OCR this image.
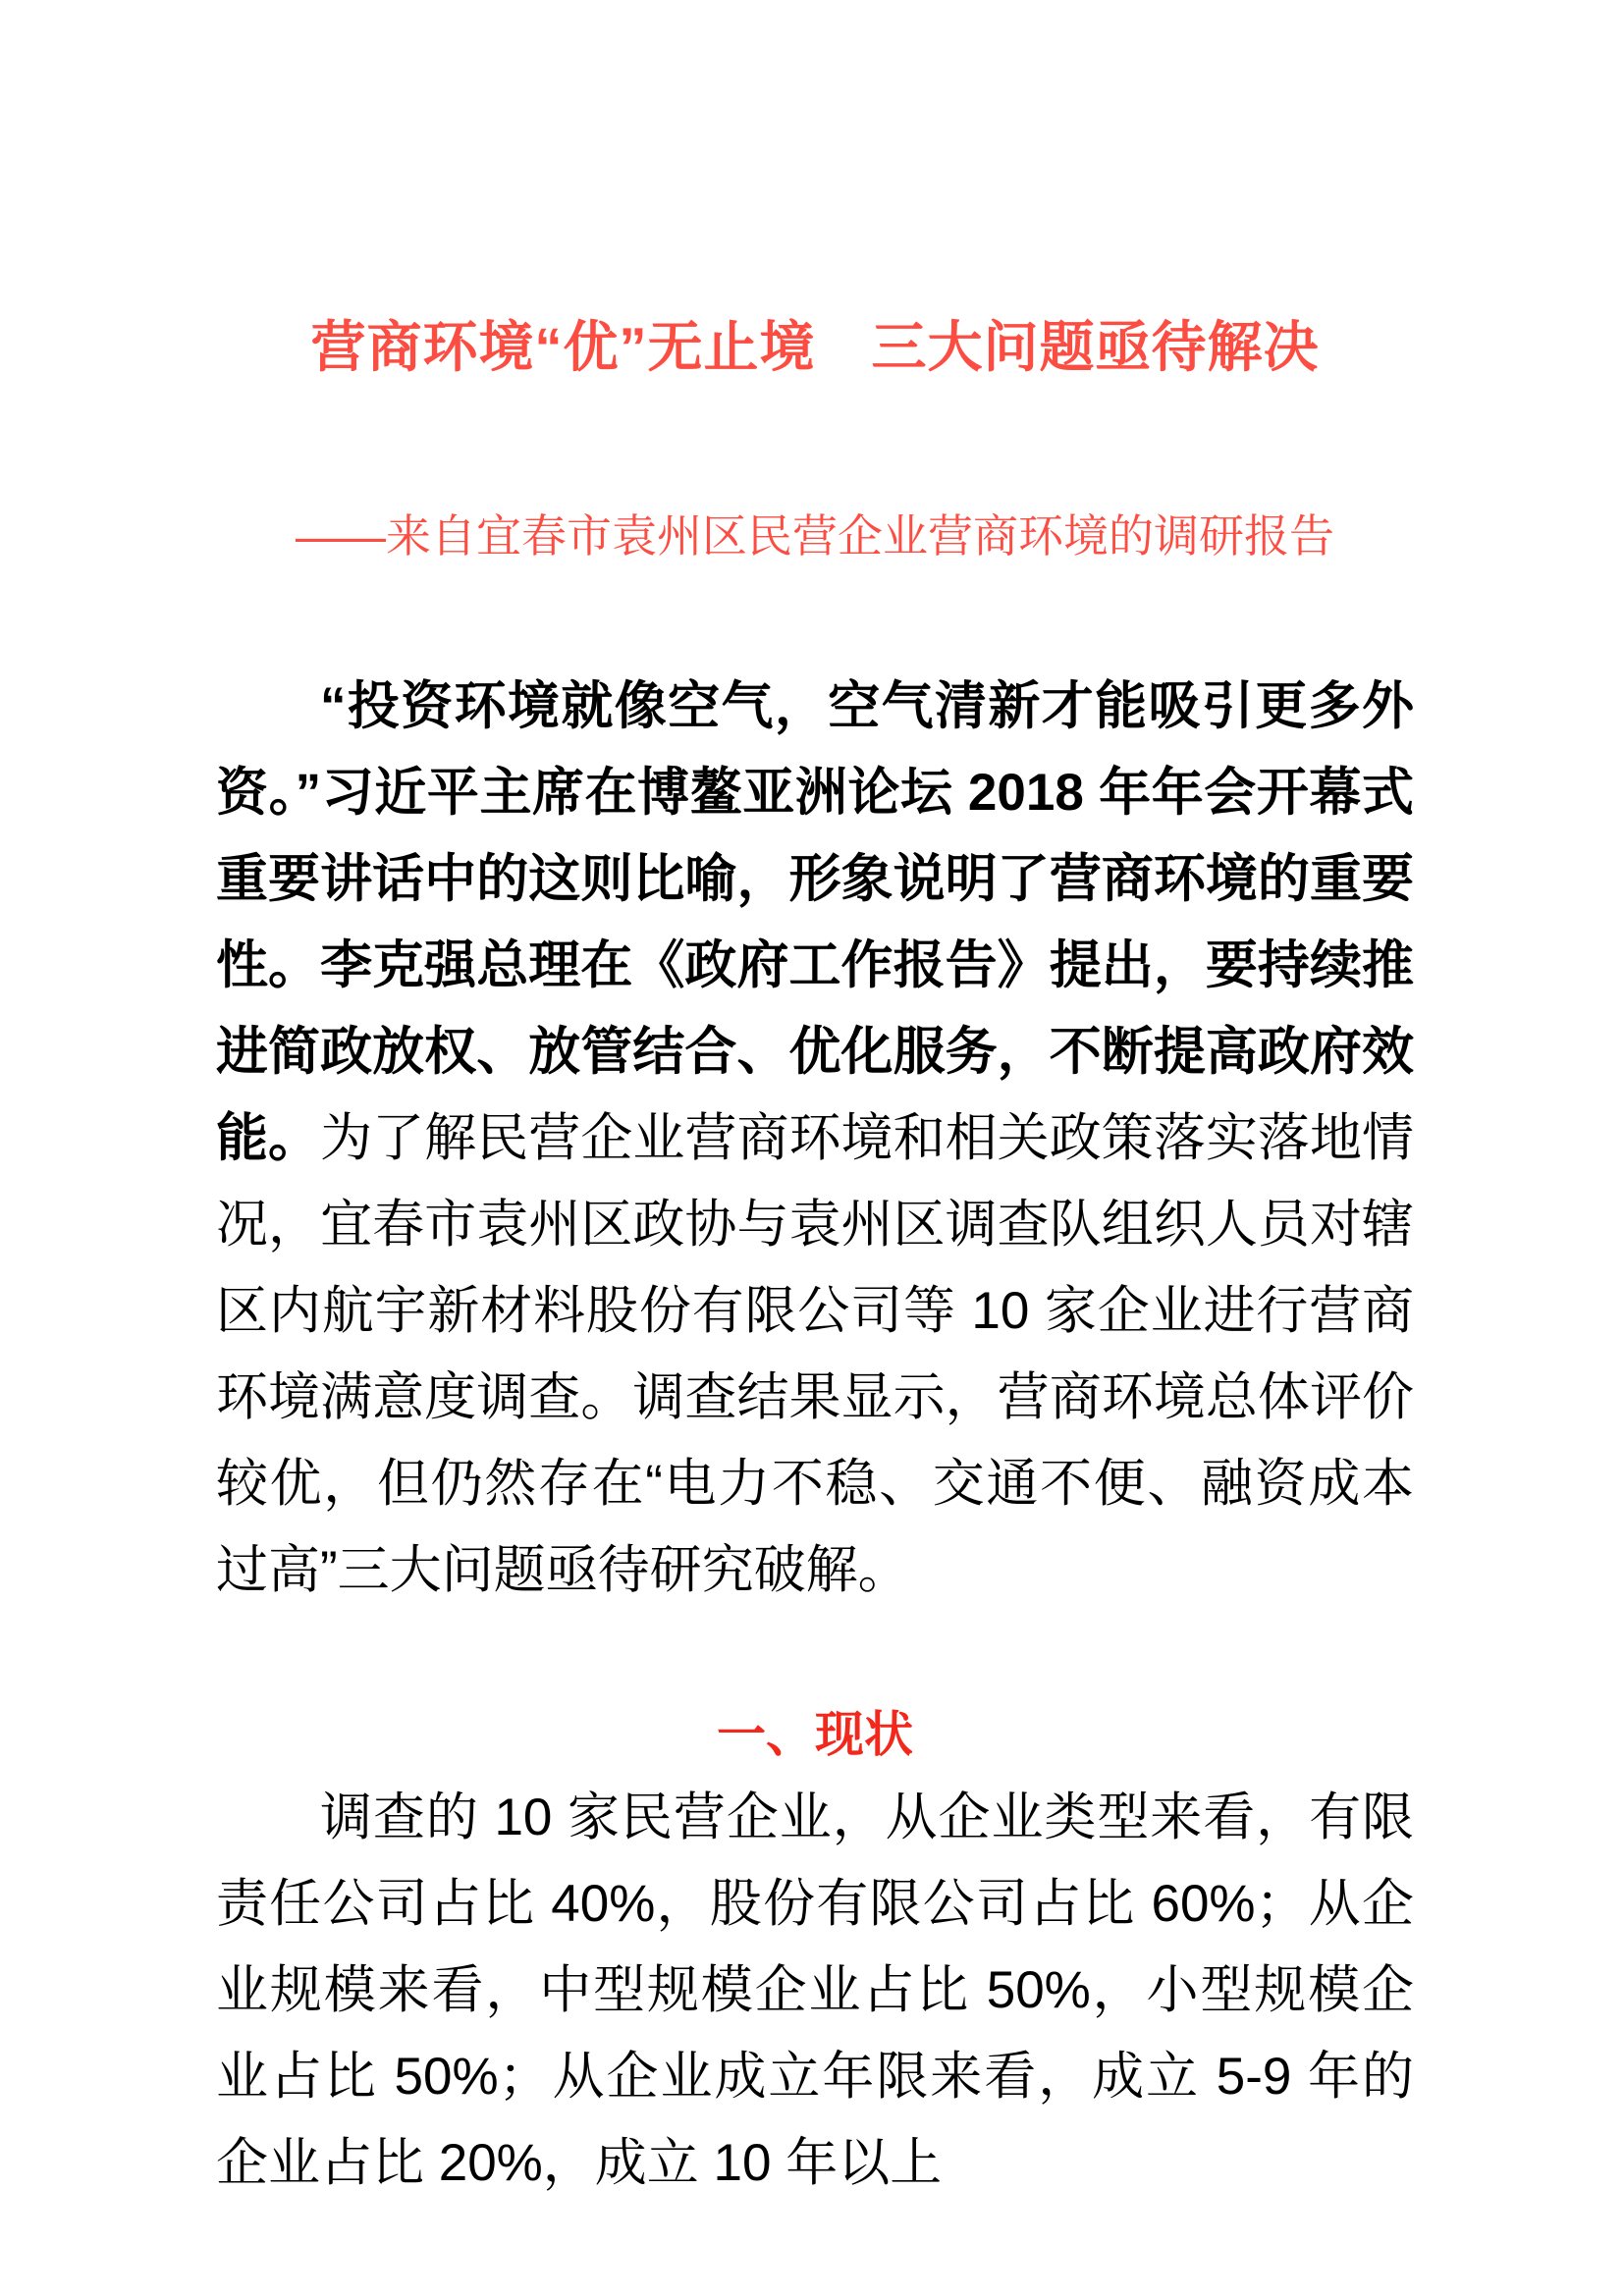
营商环境“优”无止境　三大问题亟待解决
——来自宜春市袁州区民营企业营商环境的调研报告

“投资环境就像空气，空气清新才能吸引更多外资。”习近平主席在博鳌亚洲论坛 2018 年年会开幕式重要讲话中的这则比喻，形象说明了营商环境的重要性。李克强总理在《政府工作报告》提出，要持续推进简政放权、放管结合、优化服务，不断提高政府效能。为了解民营企业营商环境和相关政策落实落地情况，宜春市袁州区政协与袁州区调查队组织人员对辖区内航宇新材料股份有限公司等 10 家企业进行营商环境满意度调查。调查结果显示，营商环境总体评价较优，但仍然存在“电力不稳、交通不便、融资成本过高”三大问题亟待研究破解。

一、现状

调查的 10 家民营企业，从企业类型来看，有限责任公司占比 40%，股份有限公司占比 60%；从企业规模来看，中型规模企业占比 50%，小型规模企业占比 50%；从企业成立年限来看，成立 5-9 年的企业占比 20%，成立 10 年以上
